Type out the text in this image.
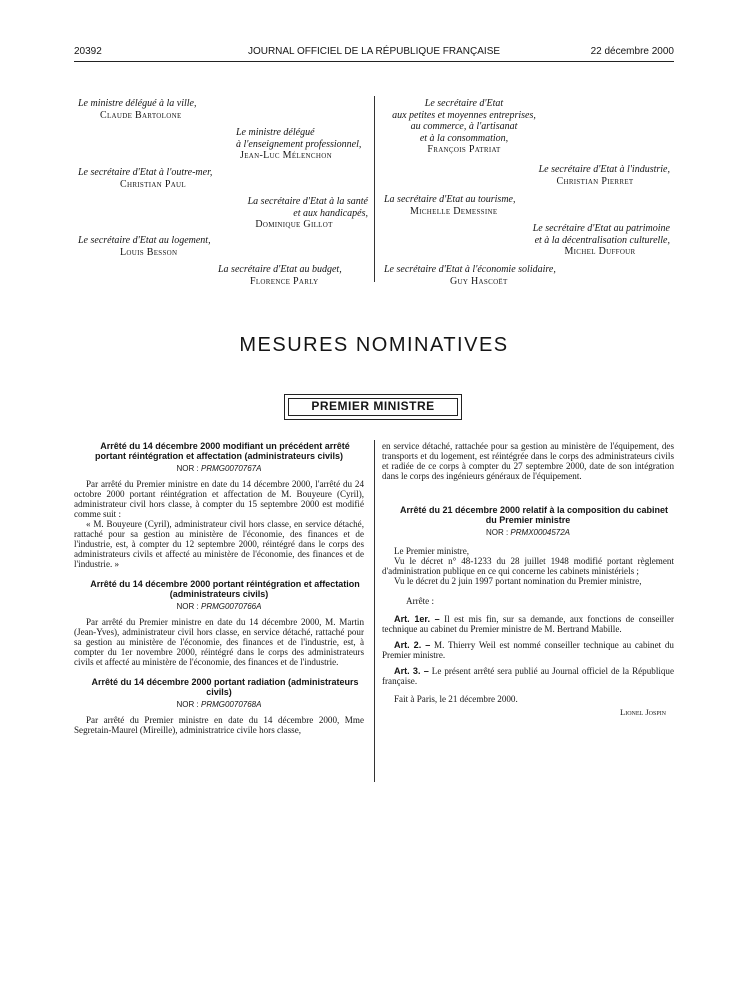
20392	JOURNAL OFFICIEL DE LA RÉPUBLIQUE FRANÇAISE	22 décembre 2000
Le ministre délégué à la ville,
Claude Bartolone
Le ministre délégué
à l'enseignement professionnel,
Jean-Luc Mélenchon
Le secrétaire d'Etat à l'outre-mer,
Christian Paul
La secrétaire d'Etat à la santé
et aux handicapés,
Dominique Gillot
Le secrétaire d'Etat au logement,
Louis Besson
La secrétaire d'Etat au budget,
Florence Parly
Le secrétaire d'Etat
aux petites et moyennes entreprises,
au commerce, à l'artisanat
et à la consommation,
François Patriat
Le secrétaire d'Etat à l'industrie,
Christian Pierret
La secrétaire d'Etat au tourisme,
Michelle Demessine
Le secrétaire d'Etat au patrimoine
et à la décentralisation culturelle,
Michel Duffour
Le secrétaire d'Etat à l'économie solidaire,
Guy Hascoët
MESURES NOMINATIVES
PREMIER MINISTRE

Arrêté du 14 décembre 2000 modifiant un précédent arrêté portant réintégration et affectation (administrateurs civils)

NOR : PRMG0070767A

Par arrêté du Premier ministre en date du 14 décembre 2000, l'arrêté du 24 octobre 2000 portant réintégration et affectation de M. Bouyeure (Cyril), administrateur civil hors classe, à compter du 15 septembre 2000 est modifié comme suit :

« M. Bouyeure (Cyril), administrateur civil hors classe, en service détaché, rattaché pour sa gestion au ministère de l'économie, des finances et de l'industrie, est, à compter du 12 septembre 2000, réintégré dans le corps des administrateurs civils et affecté au ministère de l'économie, des finances et de l'industrie. »

Arrêté du 14 décembre 2000 portant réintégration et affectation (administrateurs civils)

NOR : PRMG0070766A

Par arrêté du Premier ministre en date du 14 décembre 2000, M. Martin (Jean-Yves), administrateur civil hors classe, en service détaché, rattaché pour sa gestion au ministère de l'économie, des finances et de l'industrie, est, à compter du 1er novembre 2000, réintégré dans le corps des administrateurs civils et affecté au ministère de l'économie, des finances et de l'industrie.

Arrêté du 14 décembre 2000 portant radiation (administrateurs civils)

NOR : PRMG0070768A

Par arrêté du Premier ministre en date du 14 décembre 2000, Mme Segretain-Maurel (Mireille), administratrice civile hors classe,

en service détaché, rattachée pour sa gestion au ministère de l'équipement, des transports et du logement, est réintégrée dans le corps des administrateurs civils et radiée de ce corps à compter du 27 septembre 2000, date de son intégration dans le corps des ingénieurs généraux de l'équipement.

Arrêté du 21 décembre 2000 relatif à la composition du cabinet du Premier ministre

NOR : PRMX0004572A

Le Premier ministre,

Vu le décret n° 48-1233 du 28 juillet 1948 modifié portant règlement d'administration publique en ce qui concerne les cabinets ministériels ;

Vu le décret du 2 juin 1997 portant nomination du Premier ministre,

Arrête :

Art. 1er. – Il est mis fin, sur sa demande, aux fonctions de conseiller technique au cabinet du Premier ministre de M. Bertrand Mabille.

Art. 2. – M. Thierry Weil est nommé conseiller technique au cabinet du Premier ministre.

Art. 3. – Le présent arrêté sera publié au Journal officiel de la République française.

Fait à Paris, le 21 décembre 2000.

Lionel Jospin
